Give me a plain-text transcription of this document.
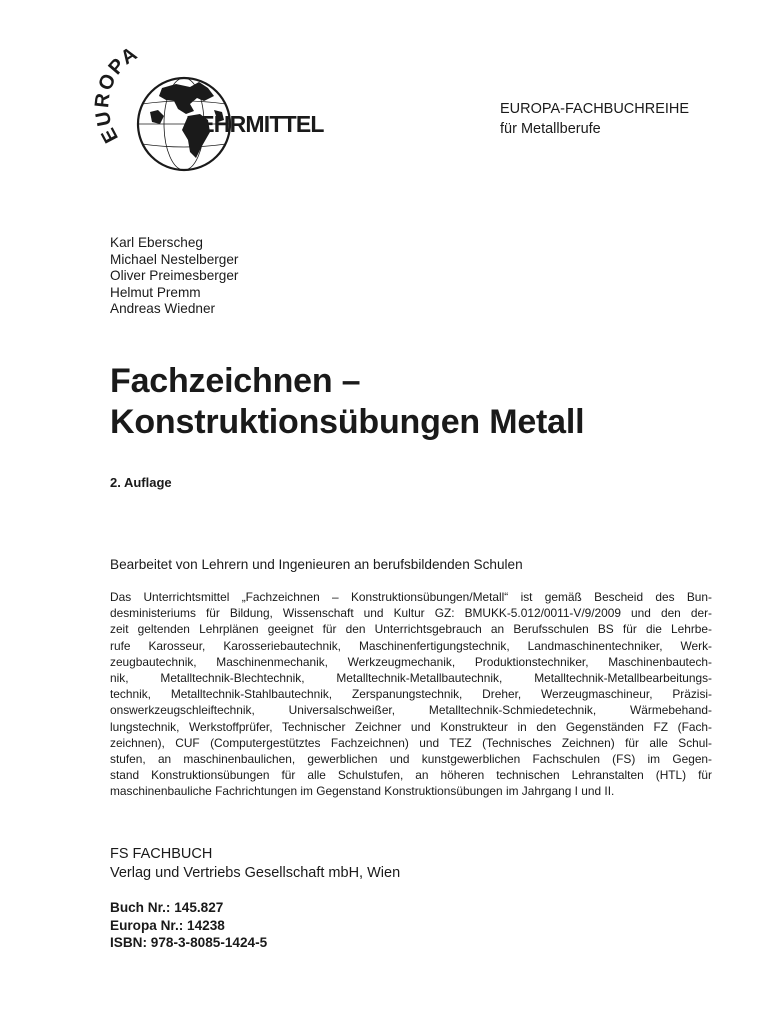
EUROPA
LEHRMITTEL
EUROPA-FACHBUCHREIHE
für Metallberufe
Karl Eberscheg
Michael Nestelberger
Oliver Preimesberger
Helmut Premm
Andreas Wiedner
Fachzeichnen –
Konstruktionsübungen Metall
2. Auflage
Bearbeitet von Lehrern und Ingenieuren an berufsbildenden Schulen
Das Unterrichtsmittel „Fachzeichnen – Konstruktionsübungen/Metall“ ist gemäß Bescheid des Bun-
desministeriums für Bildung, Wissenschaft und Kultur GZ: BMUKK-5.012/0011-V/9/2009 und den der-
zeit geltenden Lehrplänen geeignet für den Unterrichtsgebrauch an Berufsschulen BS für die Lehrbe-
rufe Karosseur, Karosseriebautechnik, Maschinenfertigungstechnik, Landmaschinentechniker, Werk-
zeugbautechnik, Maschinenmechanik, Werkzeugmechanik, Produktionstechniker, Maschinenbautech-
nik, Metalltechnik-Blechtechnik, Metalltechnik-Metallbautechnik, Metalltechnik-Metallbearbeitungs-
technik, Metalltechnik-Stahlbautechnik, Zerspanungstechnik, Dreher, Werzeugmaschineur, Präzisi-
onswerkzeugschleiftechnik, Universalschweißer, Metalltechnik-Schmiedetechnik, Wärmebehand-
lungstechnik, Werkstoffprüfer, Technischer Zeichner und Konstrukteur in den Gegenständen FZ (Fach-
zeichnen), CUF (Computergestütztes Fachzeichnen) und TEZ (Technisches Zeichnen) für alle Schul-
stufen, an maschinenbaulichen, gewerblichen und kunstgewerblichen Fachschulen (FS) im Gegen-
stand Konstruktionsübungen für alle Schulstufen, an höheren technischen Lehranstalten (HTL) für
maschinenbauliche Fachrichtungen im Gegenstand Konstruktionsübungen im Jahrgang I und II.
FS FACHBUCH
Verlag und Vertriebs Gesellschaft mbH, Wien
Buch Nr.: 145.827
Europa Nr.: 14238
ISBN: 978-3-8085-1424-5
